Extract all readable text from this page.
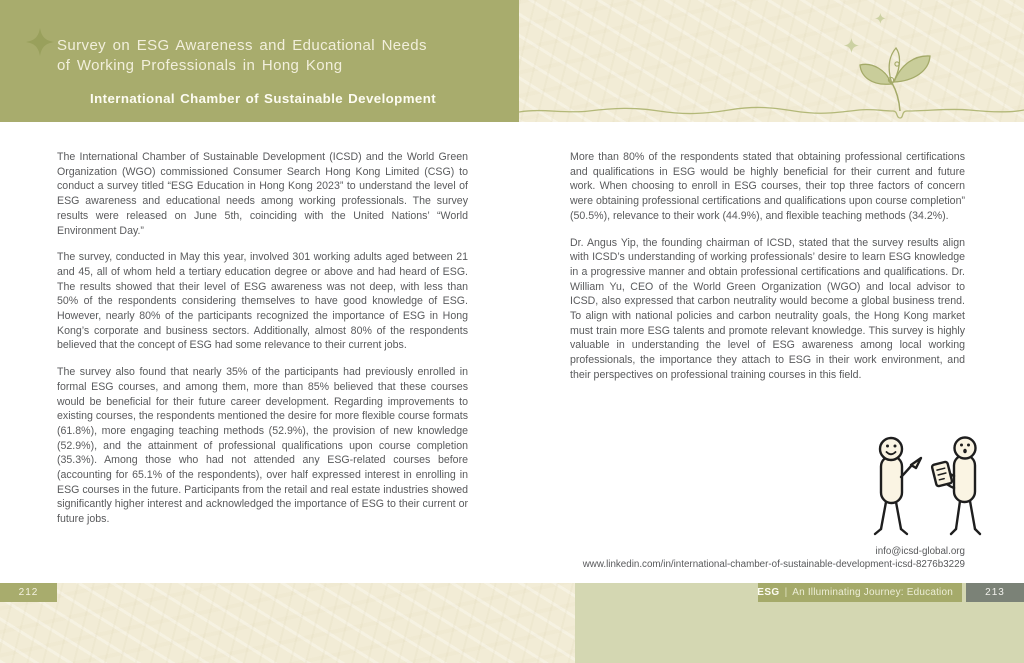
Survey on ESG Awareness and Educational Needs
of Working Professionals in Hong Kong
International Chamber of Sustainable Development

The International Chamber of Sustainable Development (ICSD) and the World Green Organization (WGO) commissioned Consumer Search Hong Kong Limited (CSG) to conduct a survey titled “ESG Education in Hong Kong 2023” to understand the level of ESG awareness and educational needs among working professionals. The survey results were released on June 5th, coinciding with the United Nations’ “World Environment Day.”

The survey, conducted in May this year, involved 301 working adults aged between 21 and 45, all of whom held a tertiary education degree or above and had heard of ESG. The results showed that their level of ESG awareness was not deep, with less than 50% of the respondents considering themselves to have good knowledge of ESG. However, nearly 80% of the participants recognized the importance of ESG in Hong Kong’s corporate and business sectors. Additionally, almost 80% of the respondents believed that the concept of ESG had some relevance to their current jobs.

The survey also found that nearly 35% of the participants had previously enrolled in formal ESG courses, and among them, more than 85% believed that these courses would be beneficial for their future career development. Regarding improvements to existing courses, the respondents mentioned the desire for more flexible course formats (61.8%), more engaging teaching methods (52.9%), the provision of new knowledge (52.9%), and the attainment of professional qualifications upon course completion (35.3%). Among those who had not attended any ESG-related courses before (accounting for 65.1% of the respondents), over half expressed interest in enrolling in ESG courses in the future. Participants from the retail and real estate industries showed significantly higher interest and acknowledged the importance of ESG to their current or future jobs.

More than 80% of the respondents stated that obtaining professional certifications and qualifications in ESG would be highly beneficial for their current and future work. When choosing to enroll in ESG courses, their top three factors of concern were obtaining professional certifications and qualifications upon course completion” (50.5%), relevance to their work (44.9%), and flexible teaching methods (34.2%).

Dr. Angus Yip, the founding chairman of ICSD, stated that the survey results align with ICSD’s understanding of working professionals’ desire to learn ESG knowledge in a progressive manner and obtain professional certifications and qualifications. Dr. William Yu, CEO of the World Green Organization (WGO) and local advisor to ICSD, also expressed that carbon neutrality would become a global business trend. To align with national policies and carbon neutrality goals, the Hong Kong market must train more ESG talents and promote relevant knowledge. This survey is highly valuable in understanding the level of ESG awareness among local working professionals, the importance they attach to ESG in their work environment, and their perspectives on professional training courses in this field.

info@icsd-global.org
www.linkedin.com/in/international-chamber-of-sustainable-development-icsd-8276b3229
212	ESG | An Illuminating Journey: Education	213
